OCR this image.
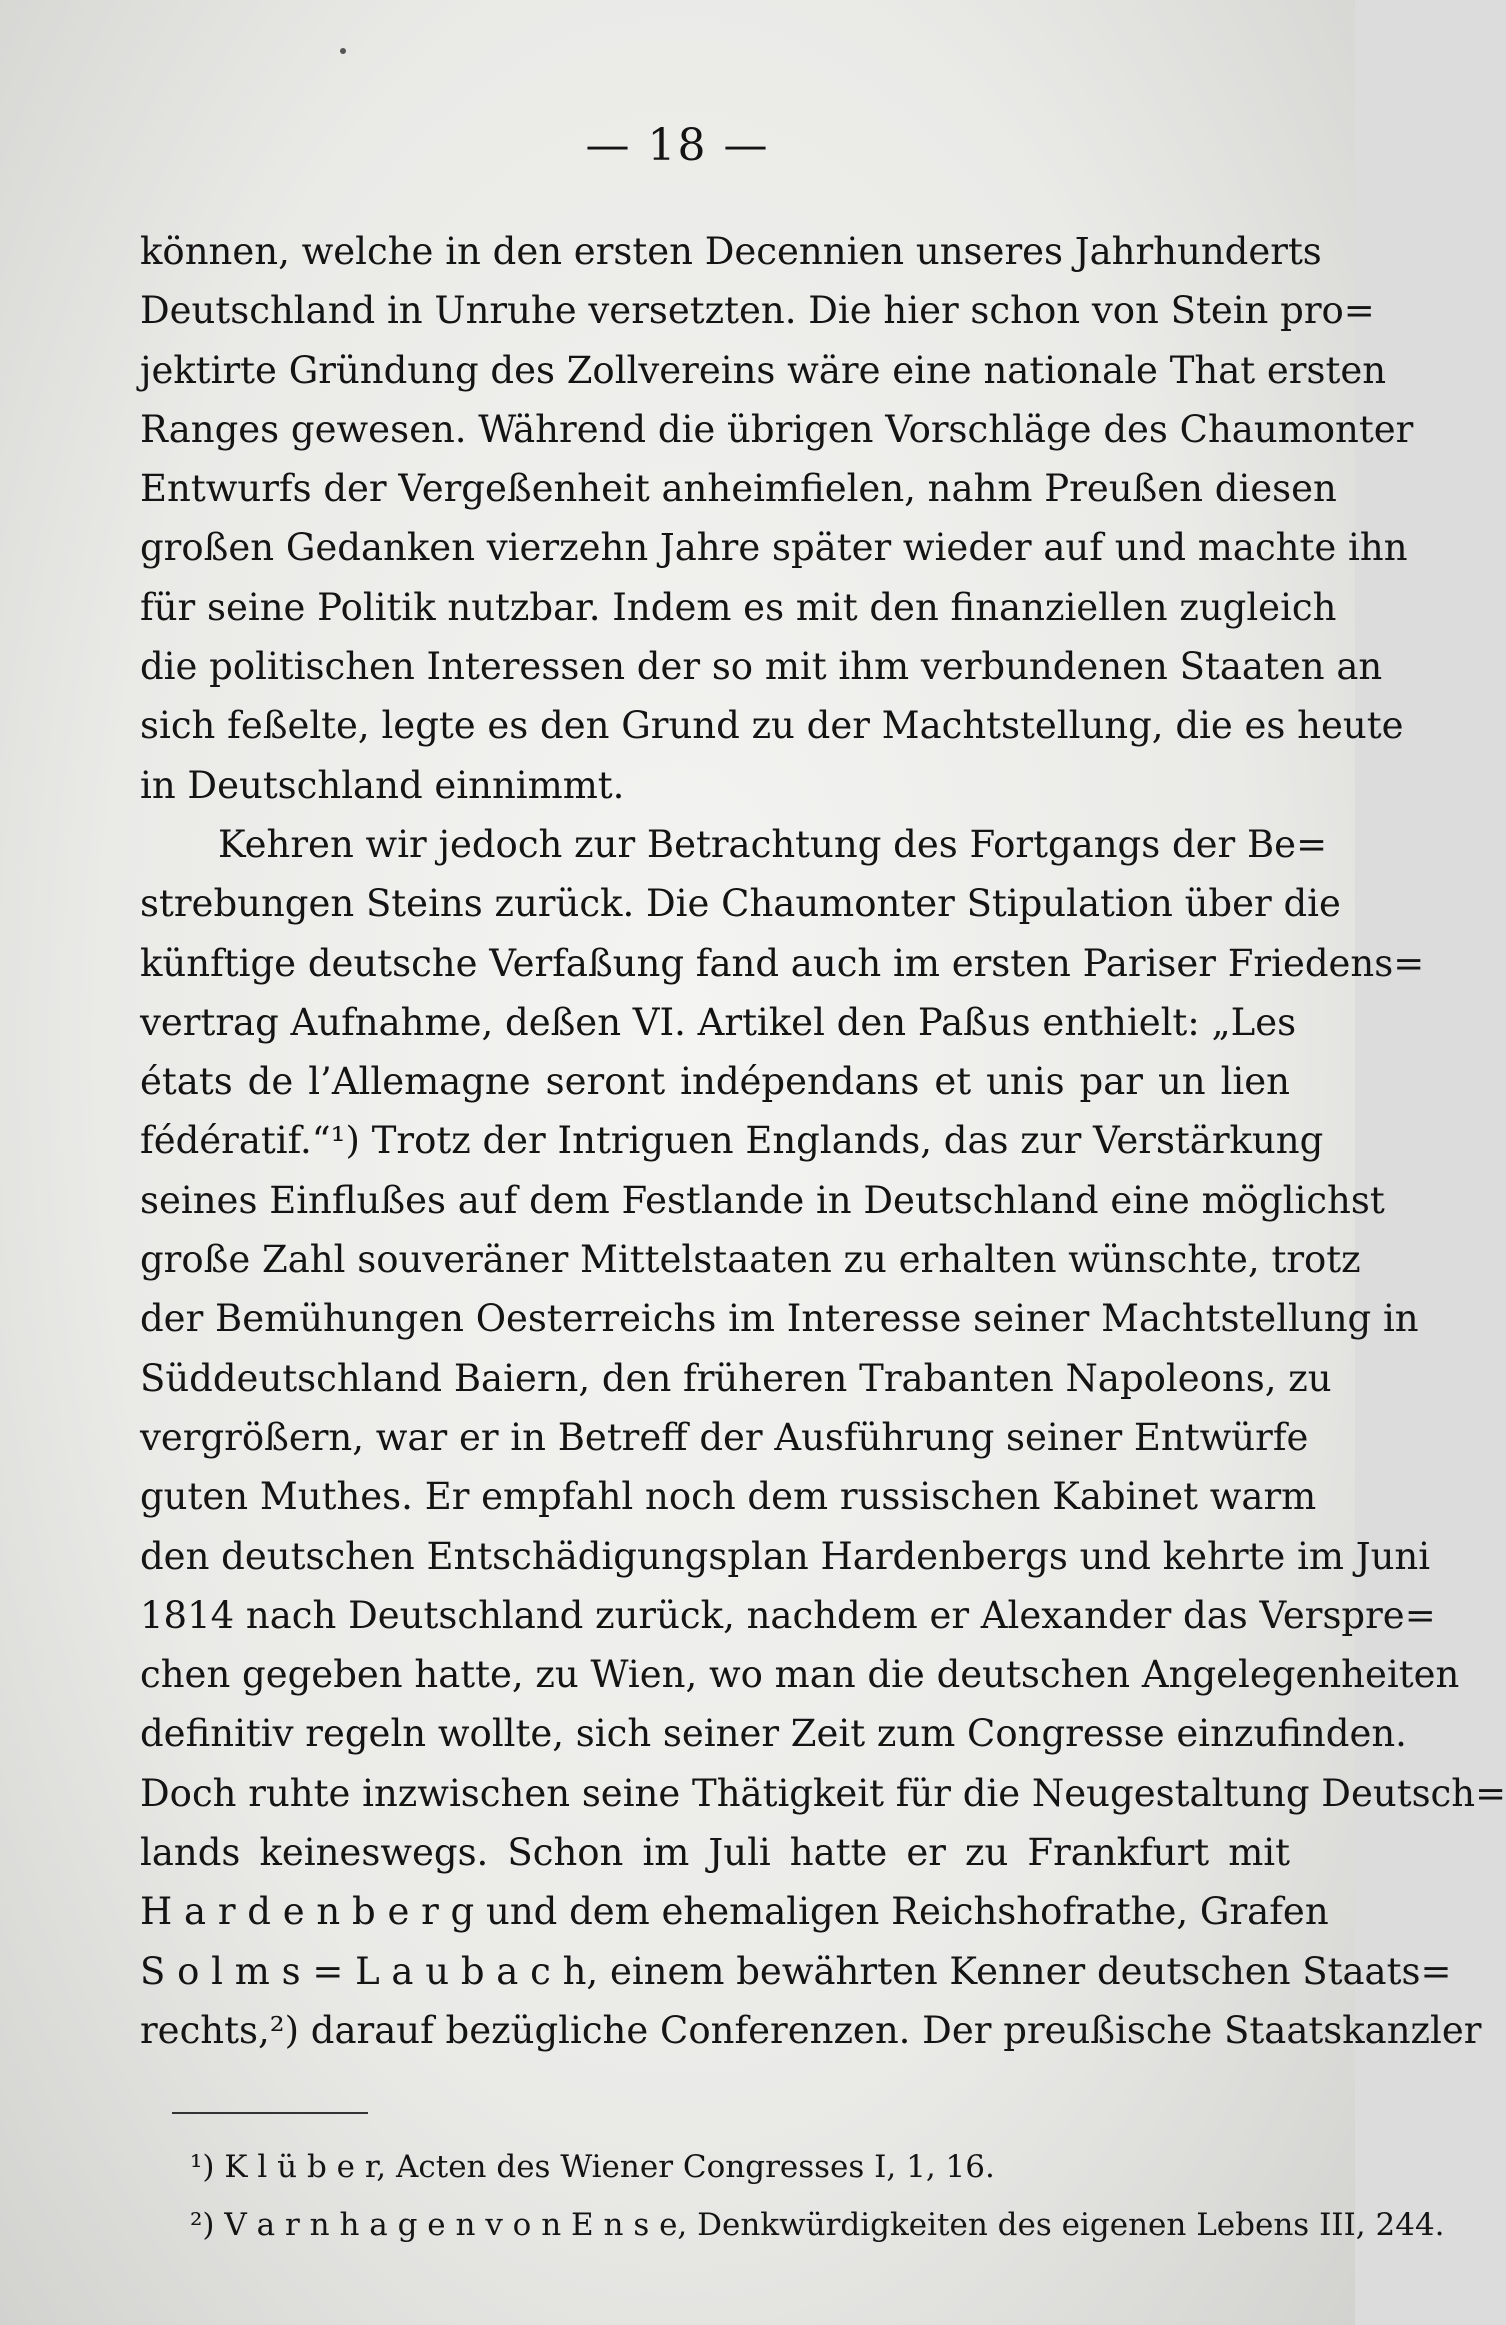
— 18 —
können, welche in den ersten Decennien unseres Jahrhunderts
Deutschland in Unruhe versetzten. Die hier schon von Stein pro=
jektirte Gründung des Zollvereins wäre eine nationale That ersten
Ranges gewesen. Während die übrigen Vorschläge des Chaumonter
Entwurfs der Vergeßenheit anheimfielen, nahm Preußen diesen
großen Gedanken vierzehn Jahre später wieder auf und machte ihn
für seine Politik nutzbar. Indem es mit den finanziellen zugleich
die politischen Interessen der so mit ihm verbundenen Staaten an
sich feßelte, legte es den Grund zu der Machtstellung, die es heute
in Deutschland einnimmt.
Kehren wir jedoch zur Betrachtung des Fortgangs der Be=
strebungen Steins zurück. Die Chaumonter Stipulation über die
künftige deutsche Verfaßung fand auch im ersten Pariser Friedens=
vertrag Aufnahme, deßen VI. Artikel den Paßus enthielt: „Les
états de l’Allemagne seront indépendans et unis par un lien
fédératif.“¹) Trotz der Intriguen Englands, das zur Verstärkung
seines Einflußes auf dem Festlande in Deutschland eine möglichst
große Zahl souveräner Mittelstaaten zu erhalten wünschte, trotz
der Bemühungen Oesterreichs im Interesse seiner Machtstellung in
Süddeutschland Baiern, den früheren Trabanten Napoleons, zu
vergrößern, war er in Betreff der Ausführung seiner Entwürfe
guten Muthes. Er empfahl noch dem russischen Kabinet warm
den deutschen Entschädigungsplan Hardenbergs und kehrte im Juni
1814 nach Deutschland zurück, nachdem er Alexander das Verspre=
chen gegeben hatte, zu Wien, wo man die deutschen Angelegenheiten
definitiv regeln wollte, sich seiner Zeit zum Congresse einzufinden.
Doch ruhte inzwischen seine Thätigkeit für die Neugestaltung Deutsch=
lands keineswegs. Schon im Juli hatte er zu Frankfurt mit
H a r d e n b e r g und dem ehemaligen Reichshofrathe, Grafen
S o l m s = L a u b a c h, einem bewährten Kenner deutschen Staats=
rechts,²) darauf bezügliche Conferenzen. Der preußische Staatskanzler
¹) K l ü b e r, Acten des Wiener Congresses I, 1, 16.
²) V a r n h a g e n v o n E n s e, Denkwürdigkeiten des eigenen Lebens III, 244.
